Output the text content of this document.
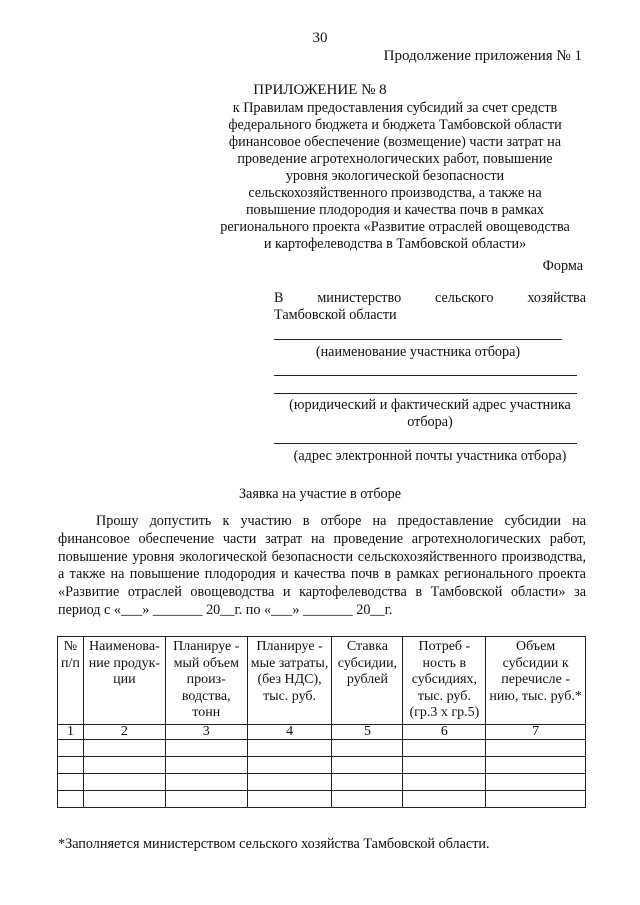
30
Продолжение приложения № 1
ПРИЛОЖЕНИЕ № 8
к Правилам предоставления субсидий за счет средств
федерального бюджета и бюджета Тамбовской области
финансовое обеспечение (возмещение) части затрат на
проведение агротехнологических работ, повышение
уровня экологической безопасности
сельскохозяйственного производства, а также на
повышение плодородия и качества почв в рамках
регионального проекта «Развитие отраслей овощеводства
и картофелеводства в Тамбовской области»
Форма
В министерство сельского хозяйства
Тамбовской области
(наименование участника отбора)
(юридический и фактический адрес участника
отбора)
(адрес электронной почты участника отбора)
Заявка на участие в отборе
Прошу допустить к участию в отборе на предоставление субсидии на финансовое обеспечение части затрат на проведение агротехнологических работ, повышение уровня экологической безопасности сельскохозяйственного производства, а также на повышение плодородия и качества почв в рамках регионального проекта «Развитие отраслей овощеводства и картофелеводства в Тамбовской области» за период с «___» _______ 20__г. по «___» _______ 20__г.
№ п/п	Наименова-ние продук-ции	Планируе - мый объем произ-водства, тонн	Планируе - мые затраты, (без НДС), тыс. руб.	Ставка субсидии, рублей	Потреб - ность в субсидиях, тыс. руб. (гр.3 х гр.5)	Объем субсидии к перечисле - нию, тыс. руб.*
1	2	3	4	5	6	7

*Заполняется министерством сельского хозяйства Тамбовской области.
